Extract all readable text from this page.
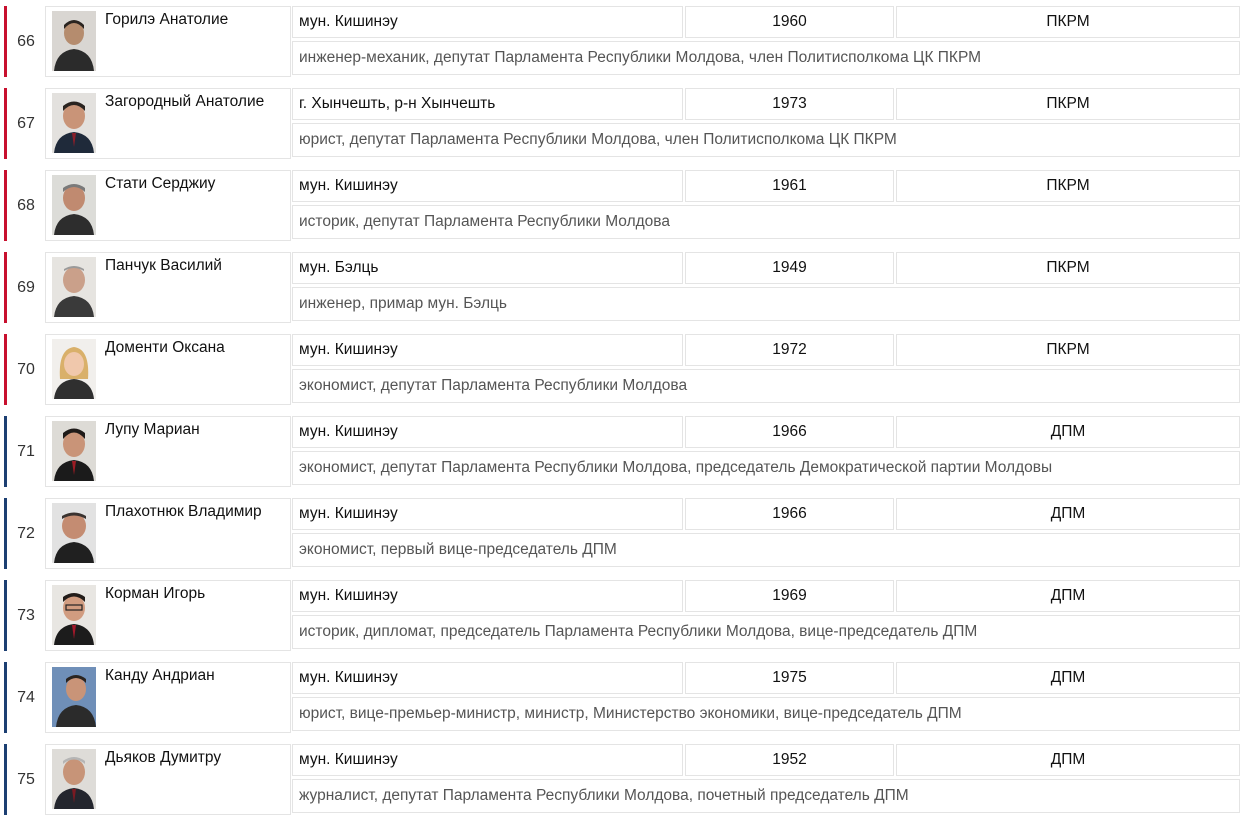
66
Горилэ Анатолие	мун. Кишинэу	1960	ПКРМ
инженер-механик, депутат Парламента Республики Молдова, член Политисполкома ЦК ПКРМ
67
Загородный Анатолие	г. Хынчешть, р-н Хынчешть	1973	ПКРМ
юрист, депутат Парламента Республики Молдова, член Политисполкома ЦК ПКРМ
68
Стати Серджиу	мун. Кишинэу	1961	ПКРМ
историк, депутат Парламента Республики Молдова
69
Панчук Василий	мун. Бэлць	1949	ПКРМ
инженер, примар мун. Бэлць
70
Доменти Оксана	мун. Кишинэу	1972	ПКРМ
экономист, депутат Парламента Республики Молдова
71
Лупу Мариан	мун. Кишинэу	1966	ДПМ
экономист, депутат Парламента Республики Молдова, председатель Демократической партии Молдовы
72
Плахотнюк Владимир	мун. Кишинэу	1966	ДПМ
экономист, первый вице-председатель ДПМ
73
Корман Игорь	мун. Кишинэу	1969	ДПМ
историк, дипломат, председатель Парламента Республики Молдова, вице-председатель ДПМ
74
Канду Андриан	мун. Кишинэу	1975	ДПМ
юрист, вице-премьер-министр, министр, Министерство экономики, вице-председатель ДПМ
75
Дьяков Думитру	мун. Кишинэу	1952	ДПМ
журналист, депутат Парламента Республики Молдова, почетный председатель ДПМ
